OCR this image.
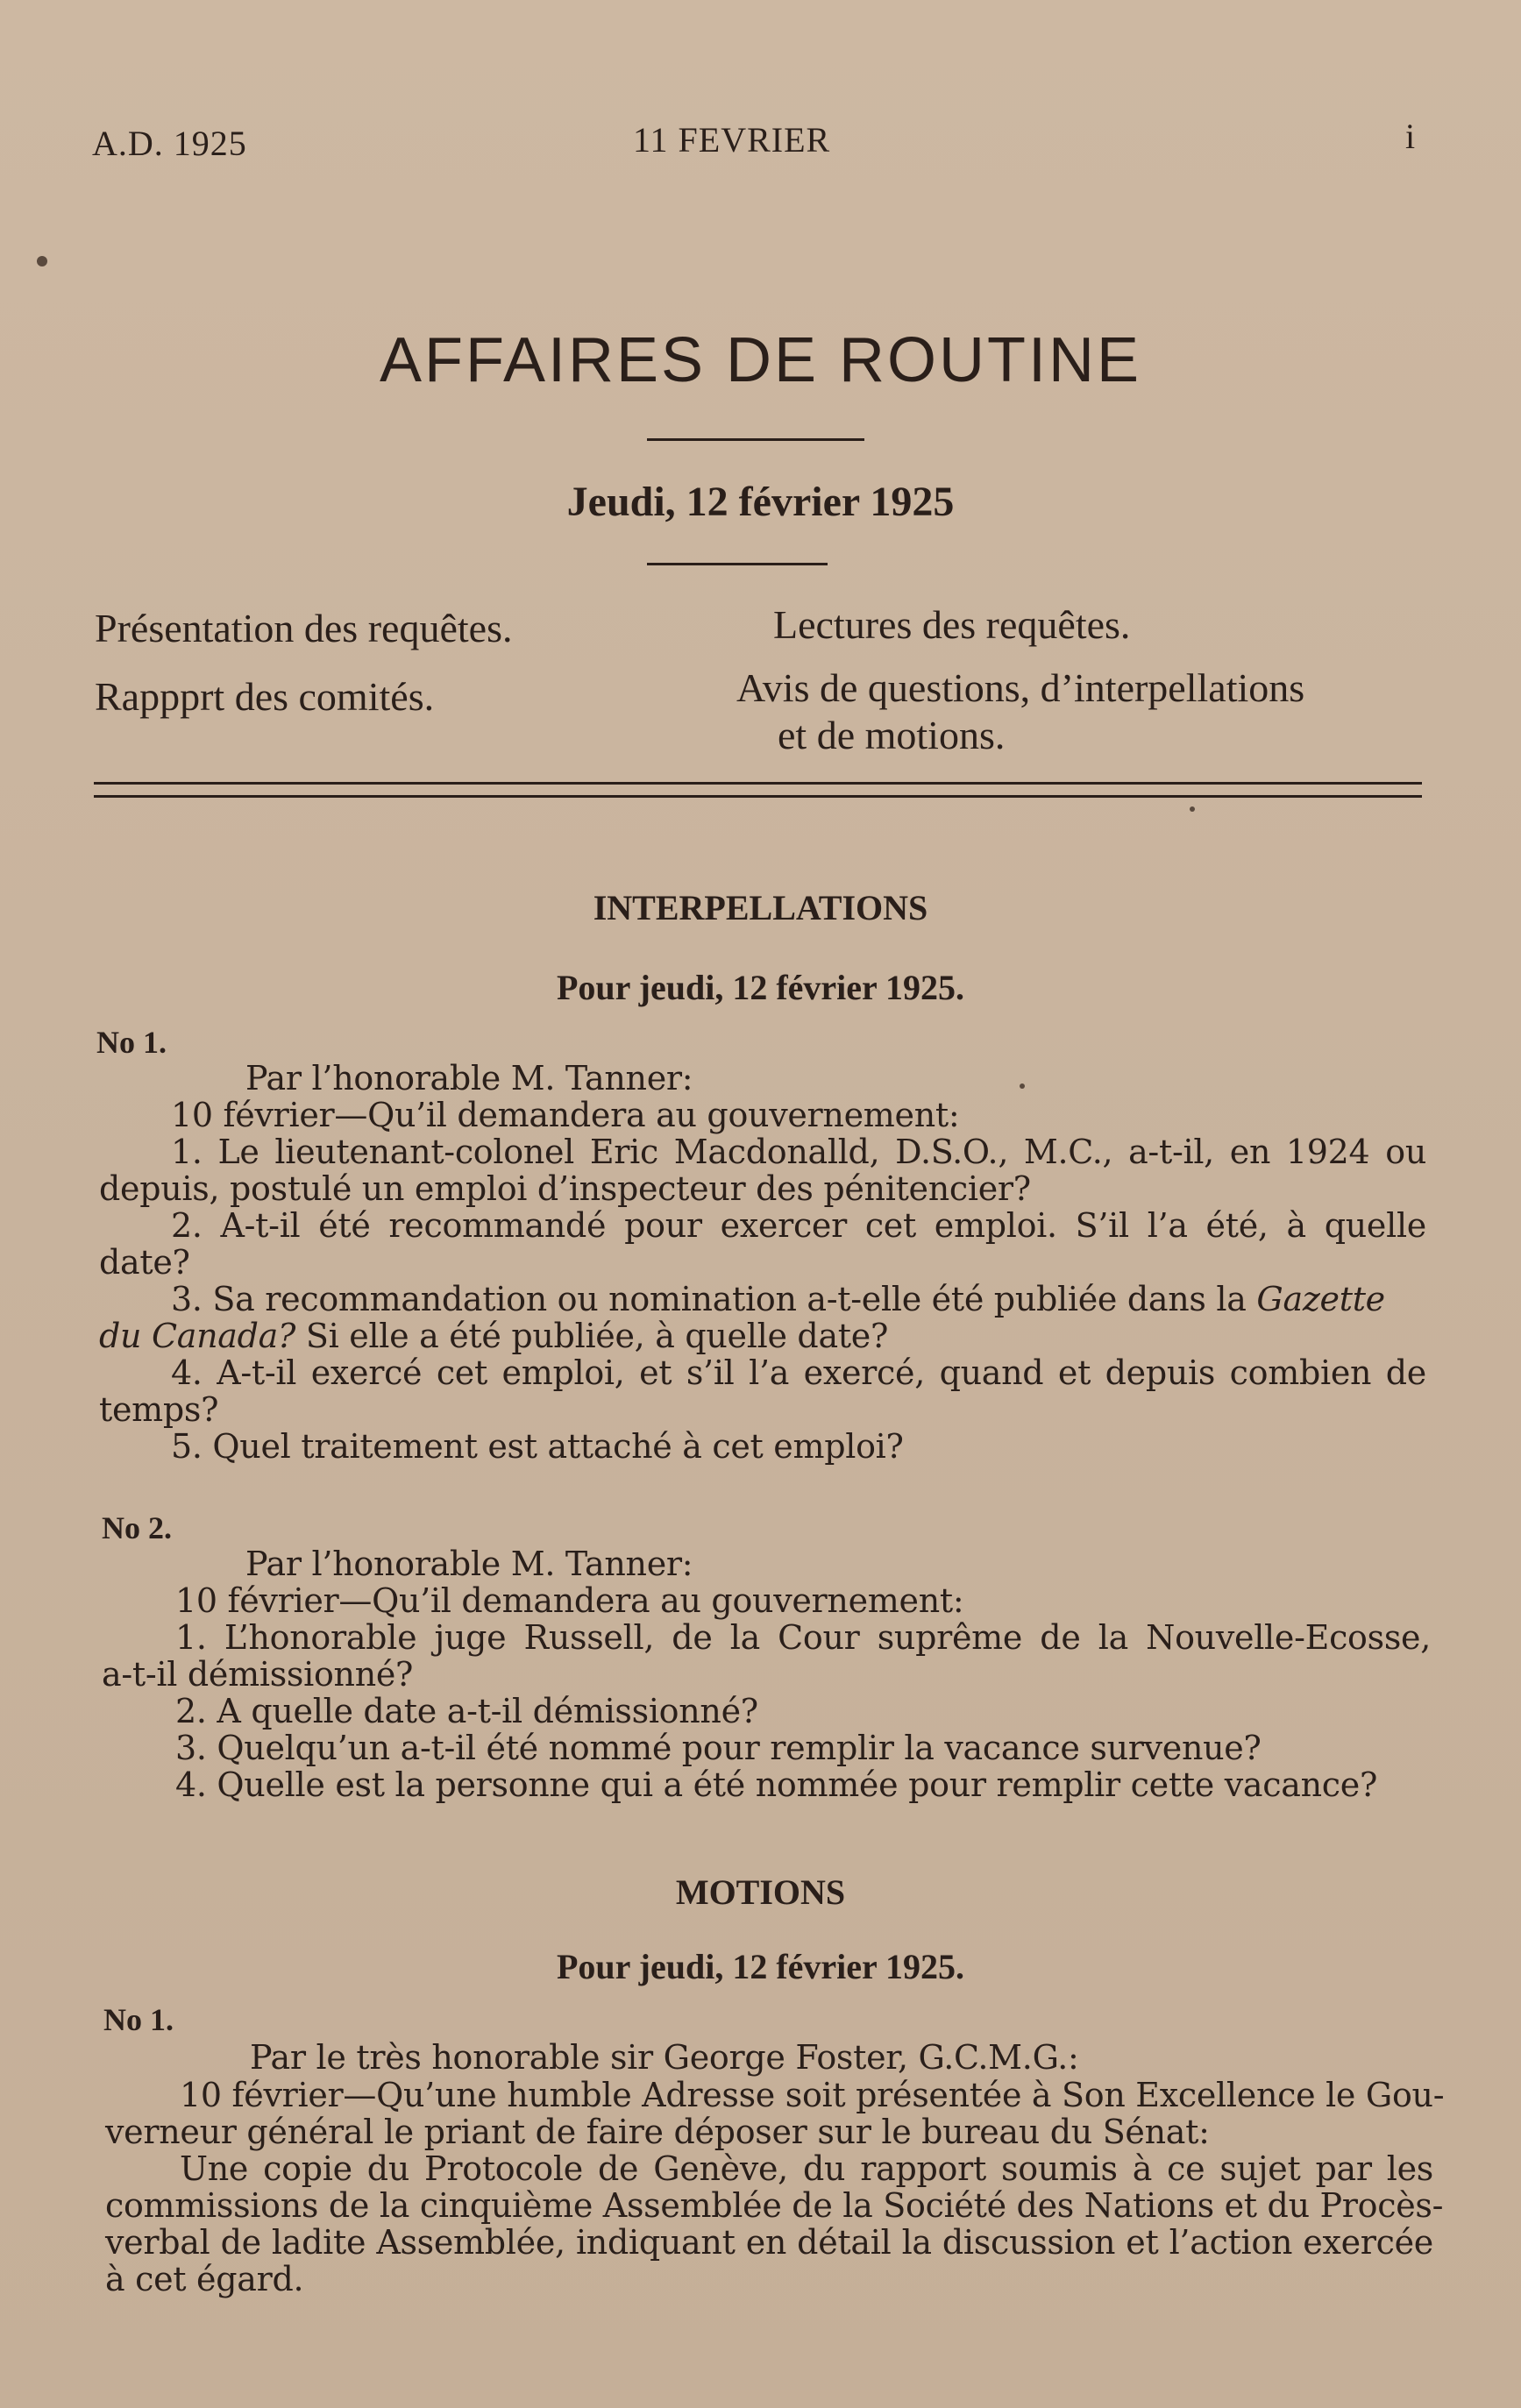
A.D. 1925	11 FEVRIER	i
AFFAIRES DE ROUTINE
Jeudi, 12 février 1925
Présentation des requêtes.
Rappprt des comités.
Lectures des requêtes.
Avis de questions, d’interpellations
et de motions.
INTERPELLATIONS
Pour jeudi, 12 février 1925.
No 1.
Par l’honorable M. Tanner:
10 février—Qu’il demandera au gouvernement:
1. Le lieutenant-colonel Eric Macdonalld, D.S.O., M.C., a-t-il, en 1924 ou
depuis, postulé un emploi d’inspecteur des pénitencier?
2. A-t-il été recommandé pour exercer cet emploi. S’il l’a été, à quelle
date?
3. Sa recommandation ou nomination a-t-elle été publiée dans la Gazette
du Canada? Si elle a été publiée, à quelle date?
4. A-t-il exercé cet emploi, et s’il l’a exercé, quand et depuis combien de
temps?
5. Quel traitement est attaché à cet emploi?
No 2.
Par l’honorable M. Tanner:
10 février—Qu’il demandera au gouvernement:
1. L’honorable juge Russell, de la Cour suprême de la Nouvelle-Ecosse,
a-t-il démissionné?
2. A quelle date a-t-il démissionné?
3. Quelqu’un a-t-il été nommé pour remplir la vacance survenue?
4. Quelle est la personne qui a été nommée pour remplir cette vacance?
MOTIONS
Pour jeudi, 12 février 1925.
No 1.
Par le très honorable sir George Foster, G.C.M.G.:
10 février—Qu’une humble Adresse soit présentée à Son Excellence le Gou-
verneur général le priant de faire déposer sur le bureau du Sénat:
Une copie du Protocole de Genève, du rapport soumis à ce sujet par les
commissions de la cinquième Assemblée de la Société des Nations et du Procès-
verbal de ladite Assemblée, indiquant en détail la discussion et l’action exercée
à cet égard.
